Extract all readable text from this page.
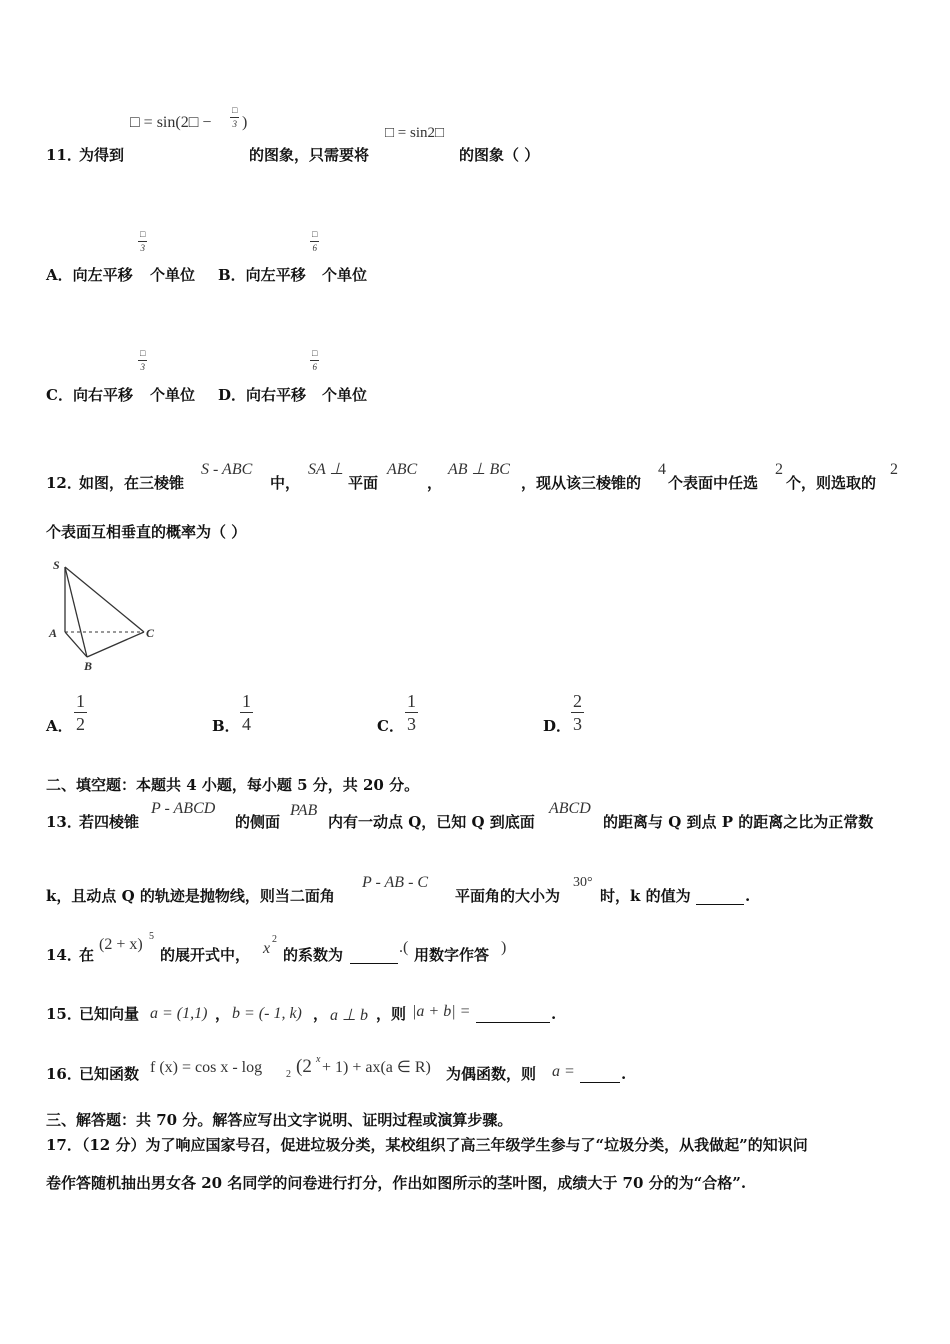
□ = sin(2□ −
□
3 )
□ = sin2□
11．
为得到	的图象，只需要将	的图象（ ）
□
3
A．向左平移 个单位
□
6
B．向左平移 个单位
□
3
C．向右平移 个单位
□
6
D．向右平移 个单位
12．
如图，在三棱锥
S - ABC
中，
SA ⊥
平面
ABC
，
AB ⊥ BC
，现从该三棱锥的
4
个表面中任选
2
个，则选取的
2
个表面互相垂直的概率为（ ）
S
A
B
C
A． $\frac{1}{2}$	B． $\frac{1}{4}$	C． $\frac{1}{3}$	D． $\frac{2}{3}$
二、填空题：本题共 4 小题，每小题 5 分，共 20 分。
13．
若四棱锥
P - ABCD
的侧面
PAB
内有一动点 Q，已知 Q 到底面
ABCD
的距离与 Q 到点 P 的距离之比为正常数
k，且动点 Q 的轨迹是抛物线，则当二面角
P - AB - C
平面角的大小为
30°
时，k 的值为	.
14．
在
(2 + x) 5
的展开式中， x
2
的系数为	.( 用数字作答 )
15．
已知向量 a = (1,1) ， b = (- 1, k) ， a ⊥ b ，则 |a + b| =	.
16．
已知函数 f (x) = cos x - log 2 (2 x + 1) + ax(a ∈ R) 为偶函数，则 a =	.
三、解答题：共 70 分。解答应写出文字说明、证明过程或演算步骤。
17．（12 分）为了响应国家号召，促进垃圾分类，某校组织了高三年级学生参与了“垃圾分类，从我做起”的知识问
卷作答随机抽出男女各 20 名同学的问卷进行打分，作出如图所示的茎叶图，成绩大于 70 分的为“合格”.
